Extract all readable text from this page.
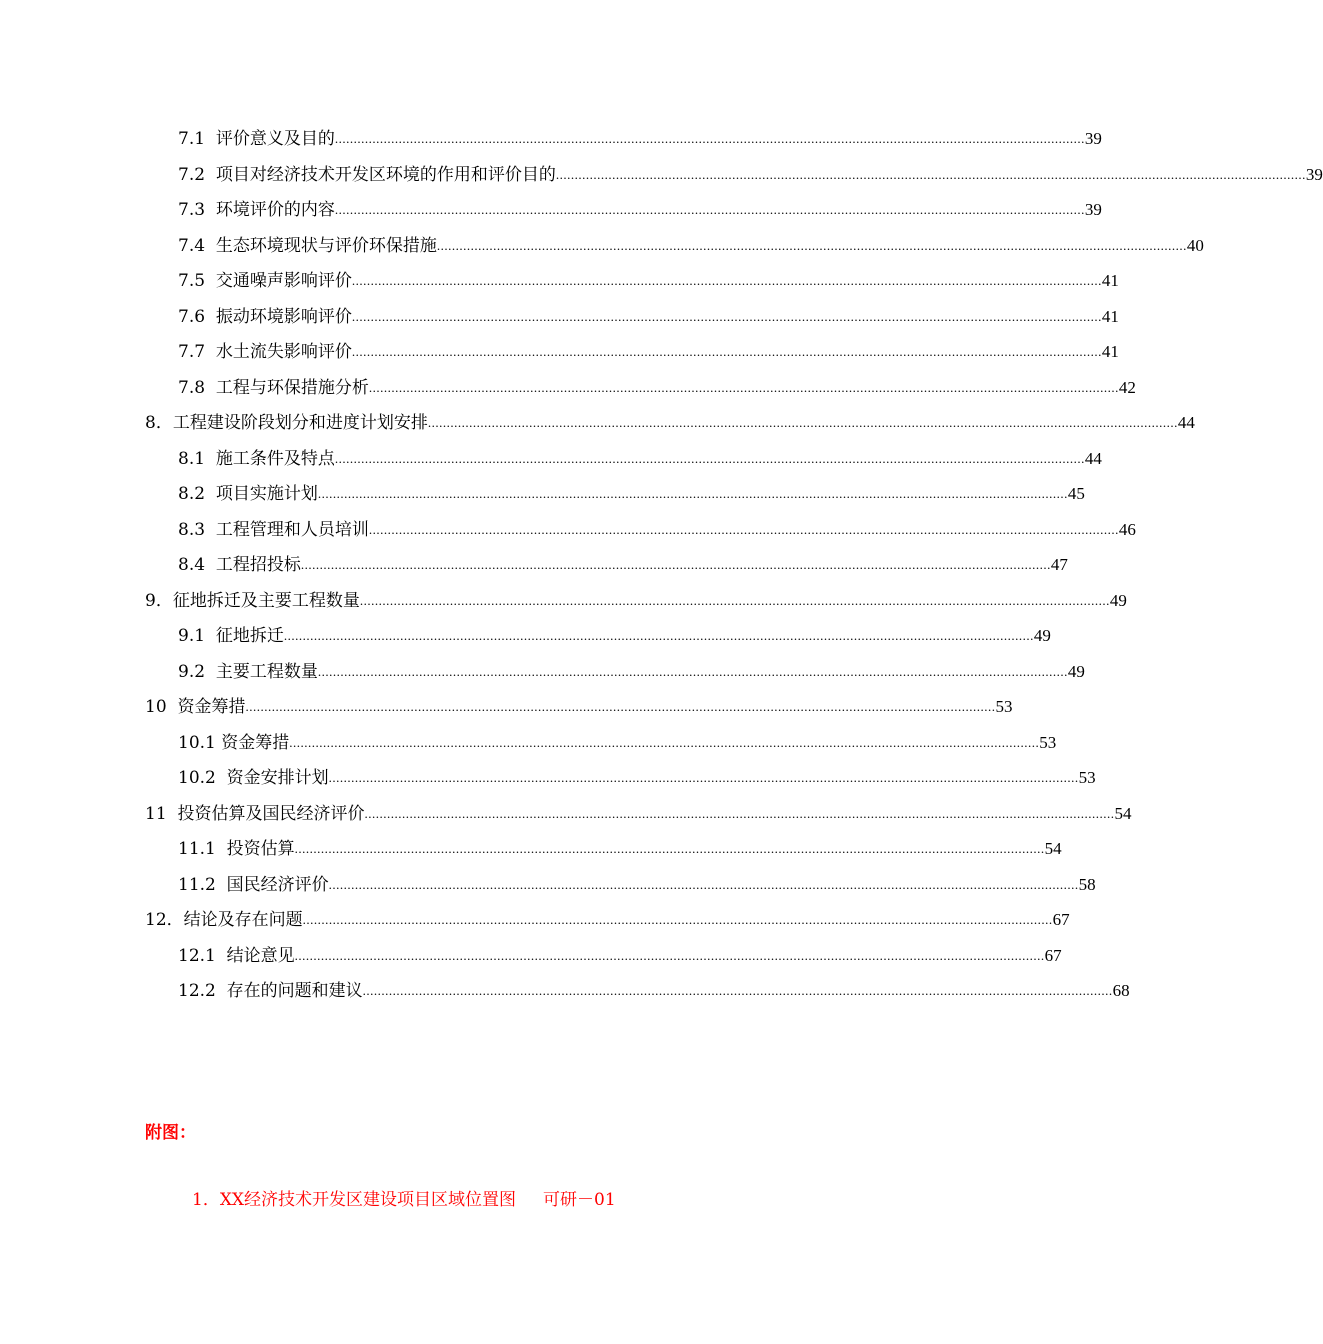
7.1  评价意义及目的 ........................................................................................................................................................................................................ 39
7.2  项目对经济技术开发区环境的作用和评价目的 ........................................................................................................................................................................................................ 39
7.3  环境评价的内容 ........................................................................................................................................................................................................ 39
7.4  生态环境现状与评价环保措施 ........................................................................................................................................................................................................ 40
7.5  交通噪声影响评价 ........................................................................................................................................................................................................ 41
7.6  振动环境影响评价 ........................................................................................................................................................................................................ 41
7.7  水土流失影响评价 ........................................................................................................................................................................................................ 41
7.8  工程与环保措施分析 ........................................................................................................................................................................................................ 42
8．工程建设阶段划分和进度计划安排 ........................................................................................................................................................................................................ 44
8.1  施工条件及特点 ........................................................................................................................................................................................................ 44
8.2  项目实施计划 ........................................................................................................................................................................................................ 45
8.3  工程管理和人员培训 ........................................................................................................................................................................................................ 46
8.4  工程招投标 ........................................................................................................................................................................................................ 47
9．征地拆迁及主要工程数量 ........................................................................................................................................................................................................ 49
9.1  征地拆迁 ........................................................................................................................................................................................................ 49
9.2  主要工程数量 ........................................................................................................................................................................................................ 49
10  资金筹措 ........................................................................................................................................................................................................ 53
10.1 资金筹措 ........................................................................................................................................................................................................ 53
10.2  资金安排计划 ........................................................................................................................................................................................................ 53
11  投资估算及国民经济评价 ........................................................................................................................................................................................................ 54
11.1  投资估算 ........................................................................................................................................................................................................ 54
11.2  国民经济评价 ........................................................................................................................................................................................................ 58
12．结论及存在问题 ........................................................................................................................................................................................................ 67
12.1  结论意见 ........................................................................................................................................................................................................ 67
12.2  存在的问题和建议 ........................................................................................................................................................................................................ 68
附图：
1．XX经济技术开发区建设项目区域位置图     可研－01
